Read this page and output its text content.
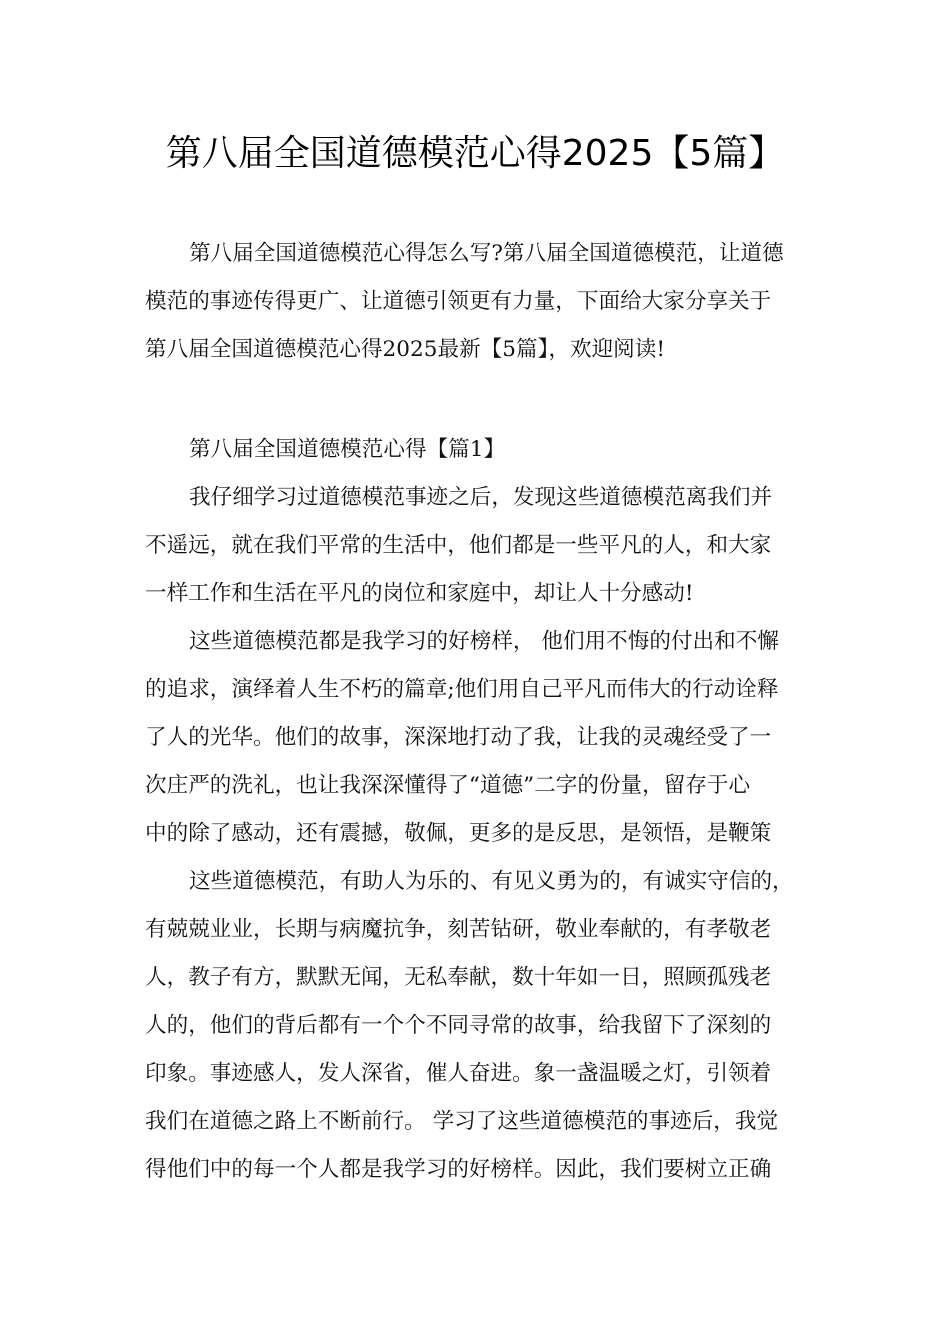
第八届全国道德模范心得2025【5篇】
第八届全国道德模范心得怎么写?第八届全国道德模范，让道德
模范的事迹传得更广、让道德引领更有力量，下面给大家分享关于
第八届全国道德模范心得2025最新【5篇】，欢迎阅读!
第八届全国道德模范心得【篇1】
我仔细学习过道德模范事迹之后，发现这些道德模范离我们并
不遥远，就在我们平常的生活中，他们都是一些平凡的人，和大家
一样工作和生活在平凡的岗位和家庭中，却让人十分感动!
这些道德模范都是我学习的好榜样， 他们用不悔的付出和不懈
的追求，演绎着人生不朽的篇章;他们用自己平凡而伟大的行动诠释
了人的光华。他们的故事，深深地打动了我，让我的灵魂经受了一
次庄严的洗礼，也让我深深懂得了“道德”二字的份量，留存于心
中的除了感动，还有震撼，敬佩，更多的是反思，是领悟，是鞭策
这些道德模范，有助人为乐的、有见义勇为的，有诚实守信的，
有兢兢业业，长期与病魔抗争，刻苦钻研，敬业奉献的，有孝敬老
人，教子有方，默默无闻，无私奉献，数十年如一日，照顾孤残老
人的，他们的背后都有一个个不同寻常的故事，给我留下了深刻的
印象。事迹感人，发人深省，催人奋进。象一盏温暖之灯，引领着
我们在道德之路上不断前行。 学习了这些道德模范的事迹后，我觉
得他们中的每一个人都是我学习的好榜样。因此，我们要树立正确
